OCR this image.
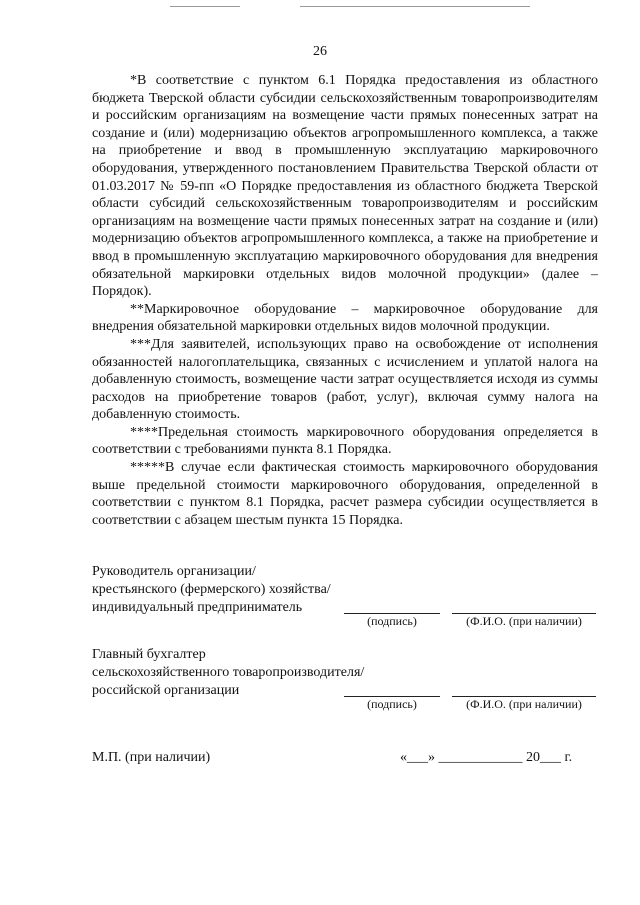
26

*В соответствие с пунктом 6.1 Порядка предоставления из областного бюджета Тверской области субсидии сельскохозяйственным товаропроизводителям и российским организациям на возмещение части прямых понесенных затрат на создание и (или) модернизацию объектов агропромышленного комплекса, а также на приобретение и ввод в промышленную эксплуатацию маркировочного оборудования, утвержденного постановлением Правительства Тверской области от 01.03.2017 № 59-пп «О Порядке предоставления из областного бюджета Тверской области субсидий сельскохозяйственным товаропроизводителям и российским организациям на возмещение части прямых понесенных затрат на создание и (или) модернизацию объектов агропромышленного комплекса, а также на приобретение и ввод в промышленную эксплуатацию маркировочного оборудования для внедрения обязательной маркировки отдельных видов молочной продукции» (далее – Порядок).

**Маркировочное оборудование – маркировочное оборудование для внедрения обязательной маркировки отдельных видов молочной продукции.

***Для заявителей, использующих право на освобождение от исполнения обязанностей налогоплательщика, связанных с исчислением и уплатой налога на добавленную стоимость, возмещение части затрат осуществляется исходя из суммы расходов на приобретение товаров (работ, услуг), включая сумму налога на добавленную стоимость.

****Предельная стоимость маркировочного оборудования определяется в соответствии с требованиями пункта 8.1 Порядка.

*****В случае если фактическая стоимость маркировочного оборудования выше предельной стоимости маркировочного оборудования, определенной в соответствии с пунктом 8.1 Порядка, расчет размера субсидии осуществляется в соответствии с абзацем шестым пункта 15 Порядка.

Руководитель организации/
крестьянского (фермерского) хозяйства/
индивидуальный предприниматель
(подпись)	(Ф.И.О. (при наличии)
Главный бухгалтер
сельскохозяйственного товаропроизводителя/
российской организации
(подпись)	(Ф.И.О. (при наличии)
М.П. (при наличии)	«___» ____________ 20___ г.
